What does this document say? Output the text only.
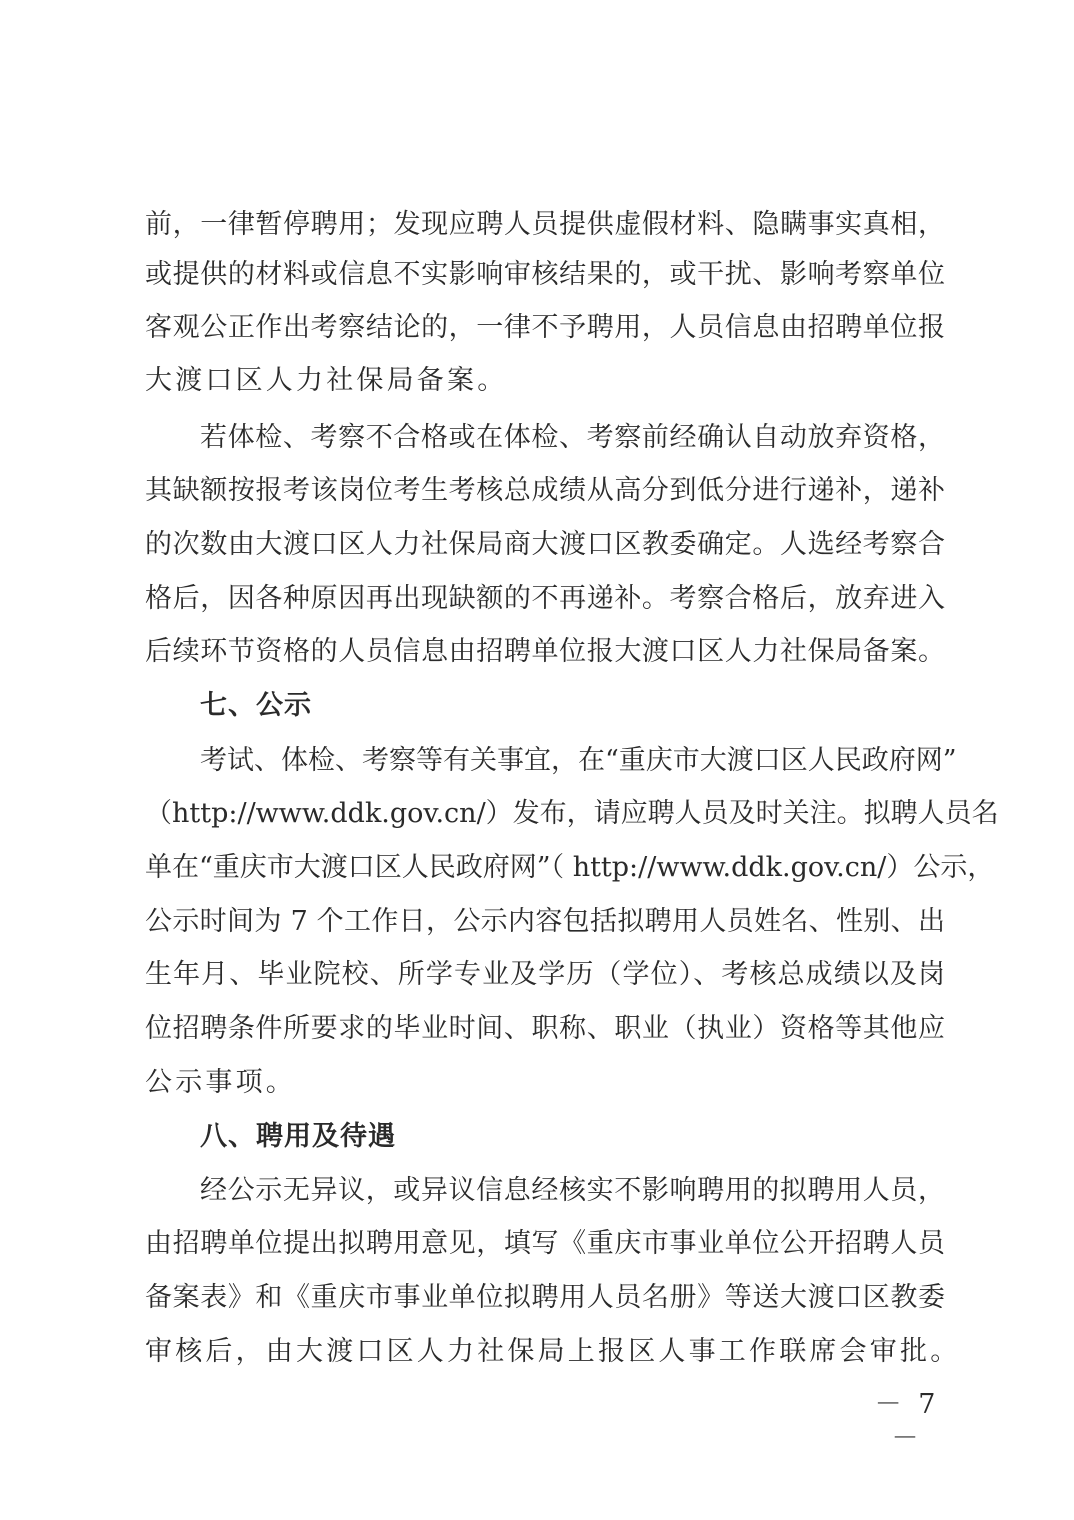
前，一律暂停聘用；发现应聘人员提供虚假材料、隐瞒事实真相，
或提供的材料或信息不实影响审核结果的，或干扰、影响考察单位
客观公正作出考察结论的，一律不予聘用，人员信息由招聘单位报
大渡口区人力社保局备案。
若体检、考察不合格或在体检、考察前经确认自动放弃资格，
其缺额按报考该岗位考生考核总成绩从高分到低分进行递补，递补
的次数由大渡口区人力社保局商大渡口区教委确定。人选经考察合
格后，因各种原因再出现缺额的不再递补。考察合格后，放弃进入
后续环节资格的人员信息由招聘单位报大渡口区人力社保局备案。
七、公示
考试、体检、考察等有关事宜，在“重庆市大渡口区人民政府网”
（http://www.ddk.gov.cn/）发布，请应聘人员及时关注。拟聘人员名
单在“重庆市大渡口区人民政府网”（ http://www.ddk.gov.cn/）公示，
公示时间为 7 个工作日，公示内容包括拟聘用人员姓名、性别、出
生年月、毕业院校、所学专业及学历（学位）、考核总成绩以及岗
位招聘条件所要求的毕业时间、职称、职业（执业）资格等其他应
公示事项。
八、聘用及待遇
经公示无异议，或异议信息经核实不影响聘用的拟聘用人员，
由招聘单位提出拟聘用意见，填写《重庆市事业单位公开招聘人员
备案表》和《重庆市事业单位拟聘用人员名册》等送大渡口区教委
审核后，由大渡口区人力社保局上报区人事工作联席会审批。
－ 7 －
